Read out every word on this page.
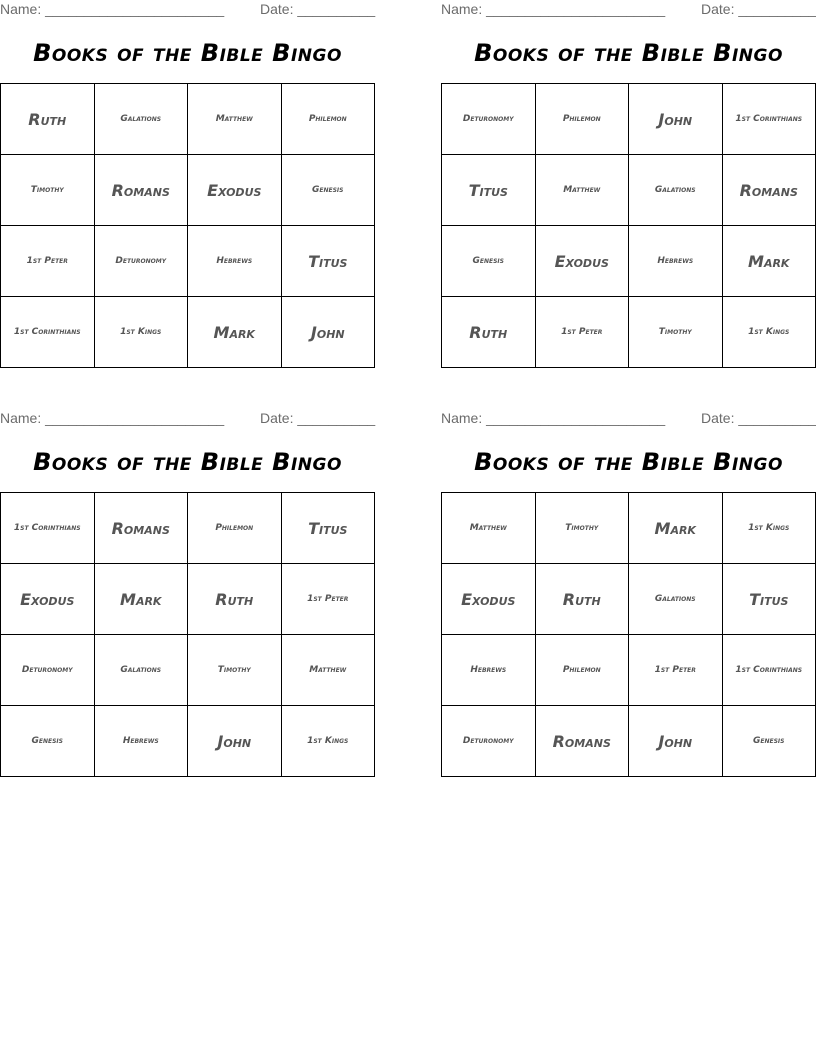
Name: _______________________	Date: __________
Books of the Bible Bingo
Ruth	Galations	Matthew	Philemon
Timothy	Romans	Exodus	Genesis
1st Peter	Deturonomy	Hebrews	Titus
1st Corinthians	1st Kings	Mark	John
Name: _______________________	Date: __________
Books of the Bible Bingo
Deturonomy	Philemon	John	1st Corinthians
Titus	Matthew	Galations	Romans
Genesis	Exodus	Hebrews	Mark
Ruth	1st Peter	Timothy	1st Kings
Name: _______________________	Date: __________
Books of the Bible Bingo
1st Corinthians	Romans	Philemon	Titus
Exodus	Mark	Ruth	1st Peter
Deturonomy	Galations	Timothy	Matthew
Genesis	Hebrews	John	1st Kings
Name: _______________________	Date: __________
Books of the Bible Bingo
Matthew	Timothy	Mark	1st Kings
Exodus	Ruth	Galations	Titus
Hebrews	Philemon	1st Peter	1st Corinthians
Deturonomy	Romans	John	Genesis
